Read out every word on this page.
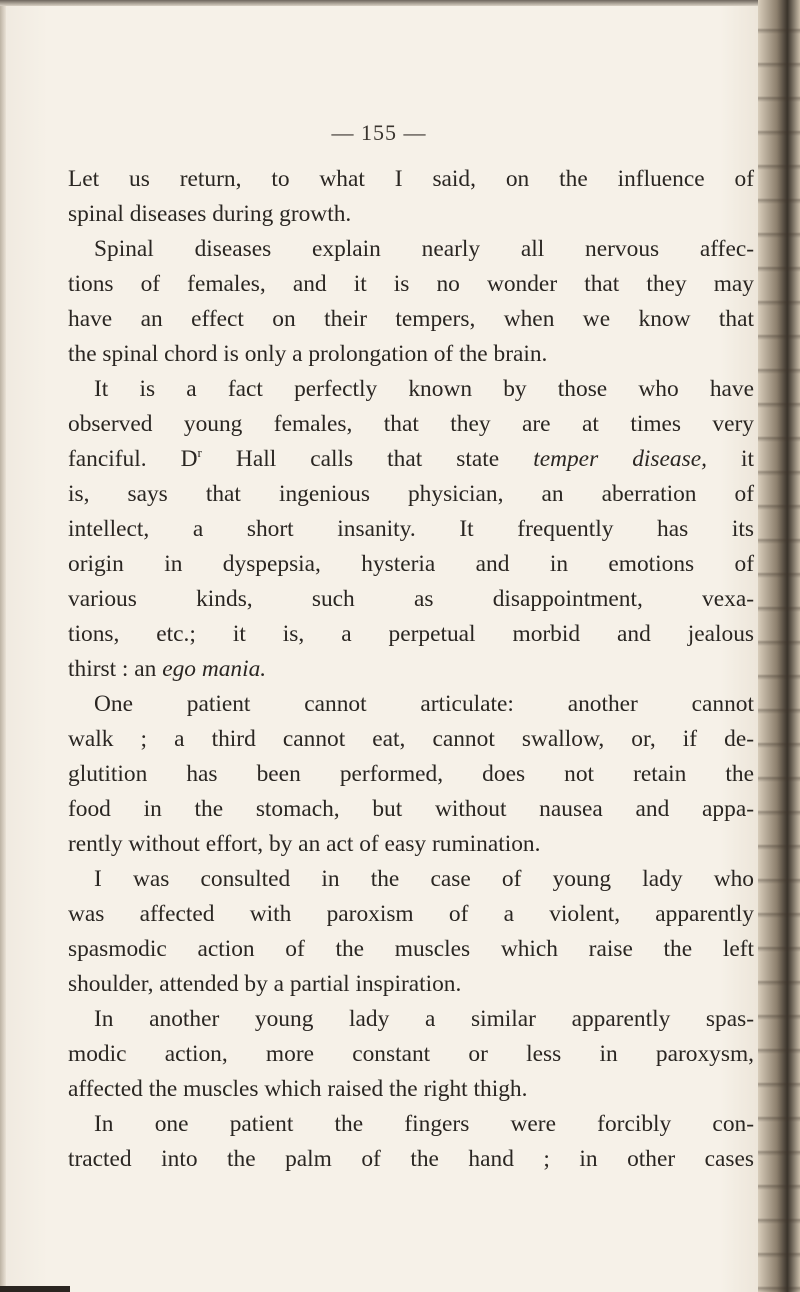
— 155 —
Let us return, to what I said, on the influence of
spinal diseases during growth.
Spinal diseases explain nearly all nervous affec-
tions of females, and it is no wonder that they may
have an effect on their tempers, when we know that
the spinal chord is only a prolongation of the brain.
It is a fact perfectly known by those who have
observed young females, that they are at times very
fanciful. $D^r$ Hall calls that state temper disease, it
is, says that ingenious physician, an aberration of
intellect, a short insanity. It frequently has its
origin in dyspepsia, hysteria and in emotions of
various kinds, such as disappointment, vexa-
tions, etc.; it is, a perpetual morbid and jealous
thirst : an ego mania.
One patient cannot articulate: another cannot
walk ; a third cannot eat, cannot swallow, or, if de-
glutition has been performed, does not retain the
food in the stomach, but without nausea and appa-
rently without effort, by an act of easy rumination.
I was consulted in the case of young lady who
was affected with paroxism of a violent, apparently
spasmodic action of the muscles which raise the left
shoulder, attended by a partial inspiration.
In another young lady a similar apparently spas-
modic action, more constant or less in paroxysm,
affected the muscles which raised the right thigh.
In one patient the fingers were forcibly con-
tracted into the palm of the hand ; in other cases
